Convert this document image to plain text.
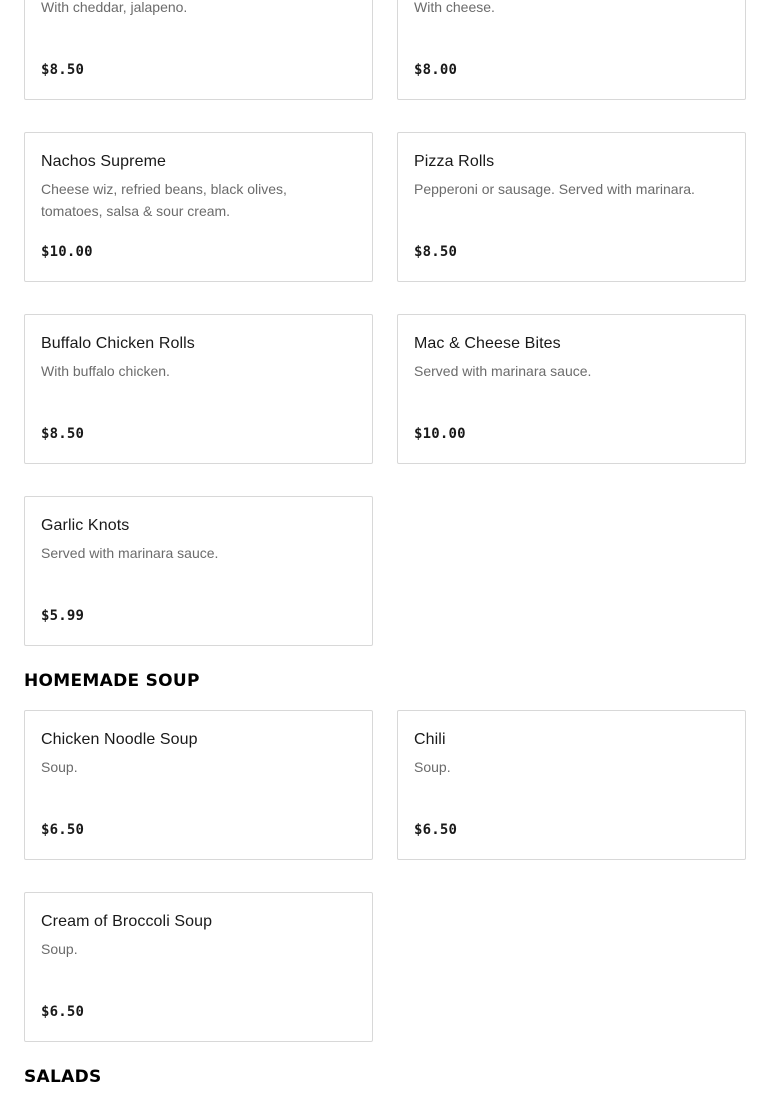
With cheddar, jalapeno.
$8.50
With cheese.
$8.00
Nachos Supreme
Cheese wiz, refried beans, black olives, tomatoes, salsa & sour cream.
$10.00
Pizza Rolls
Pepperoni or sausage. Served with marinara.
$8.50
Buffalo Chicken Rolls
With buffalo chicken.
$8.50
Mac & Cheese Bites
Served with marinara sauce.
$10.00
Garlic Knots
Served with marinara sauce.
$5.99
HOMEMADE SOUP
Chicken Noodle Soup
Soup.
$6.50
Chili
Soup.
$6.50
Cream of Broccoli Soup
Soup.
$6.50
SALADS
